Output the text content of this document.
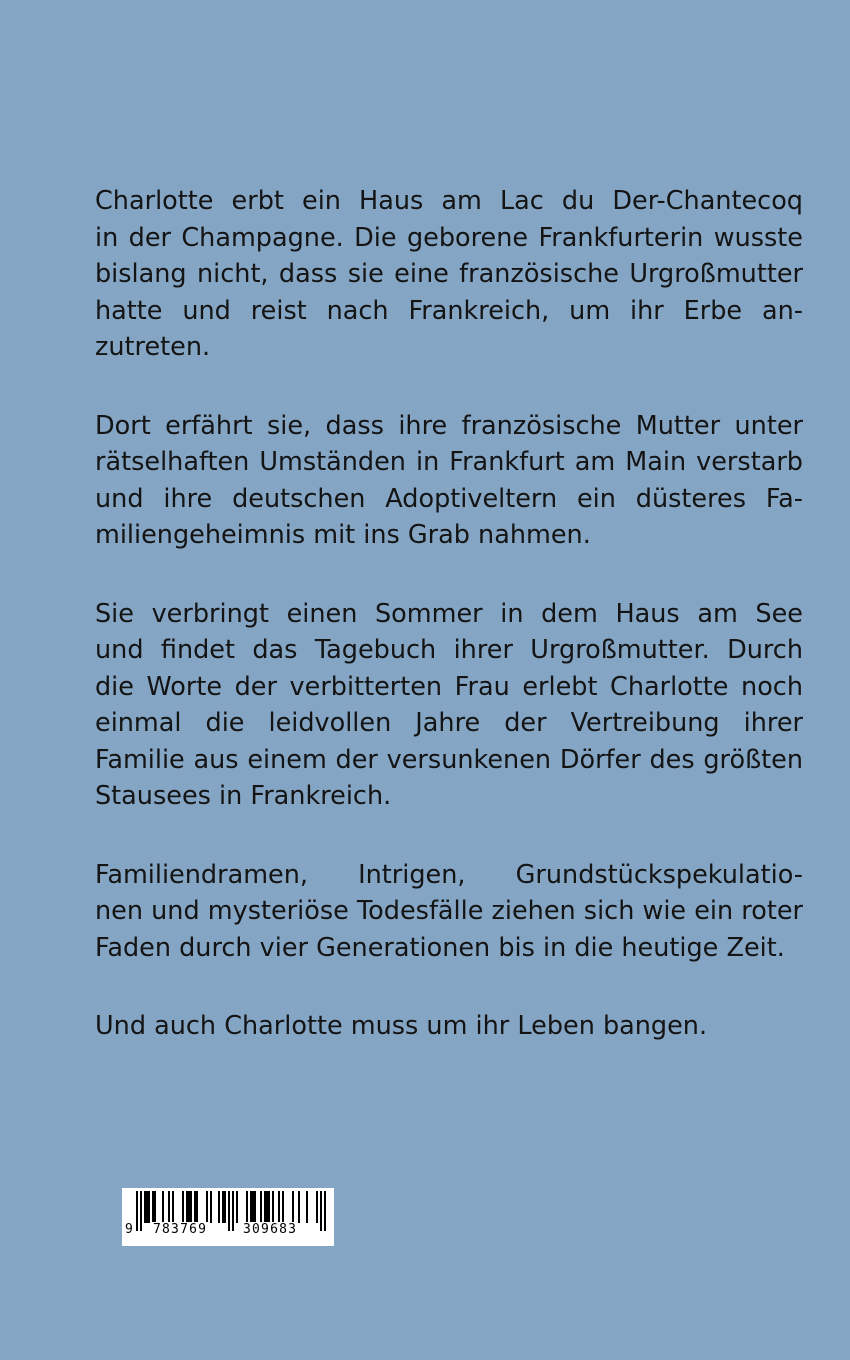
Charlotte erbt ein Haus am Lac du Der-Chantecoq
in der Champagne. Die geborene Frankfurterin wusste
bislang nicht, dass sie eine französische Urgroßmutter
hatte und reist nach Frankreich, um ihr Erbe an-
zutreten.

Dort erfährt sie, dass ihre französische Mutter unter
rätselhaften Umständen in Frankfurt am Main verstarb
und ihre deutschen Adoptiveltern ein düsteres Fa-
miliengeheimnis mit ins Grab nahmen.

Sie verbringt einen Sommer in dem Haus am See
und findet das Tagebuch ihrer Urgroßmutter. Durch
die Worte der verbitterten Frau erlebt Charlotte noch
einmal die leidvollen Jahre der Vertreibung ihrer
Familie aus einem der versunkenen Dörfer des größten
Stausees in Frankreich.

Familiendramen, Intrigen, Grundstückspekulatio-
nen und mysteriöse Todesfälle ziehen sich wie ein roter
Faden durch vier Generationen bis in die heutige Zeit.

Und auch Charlotte muss um ihr Leben bangen.

9 783769	309683
